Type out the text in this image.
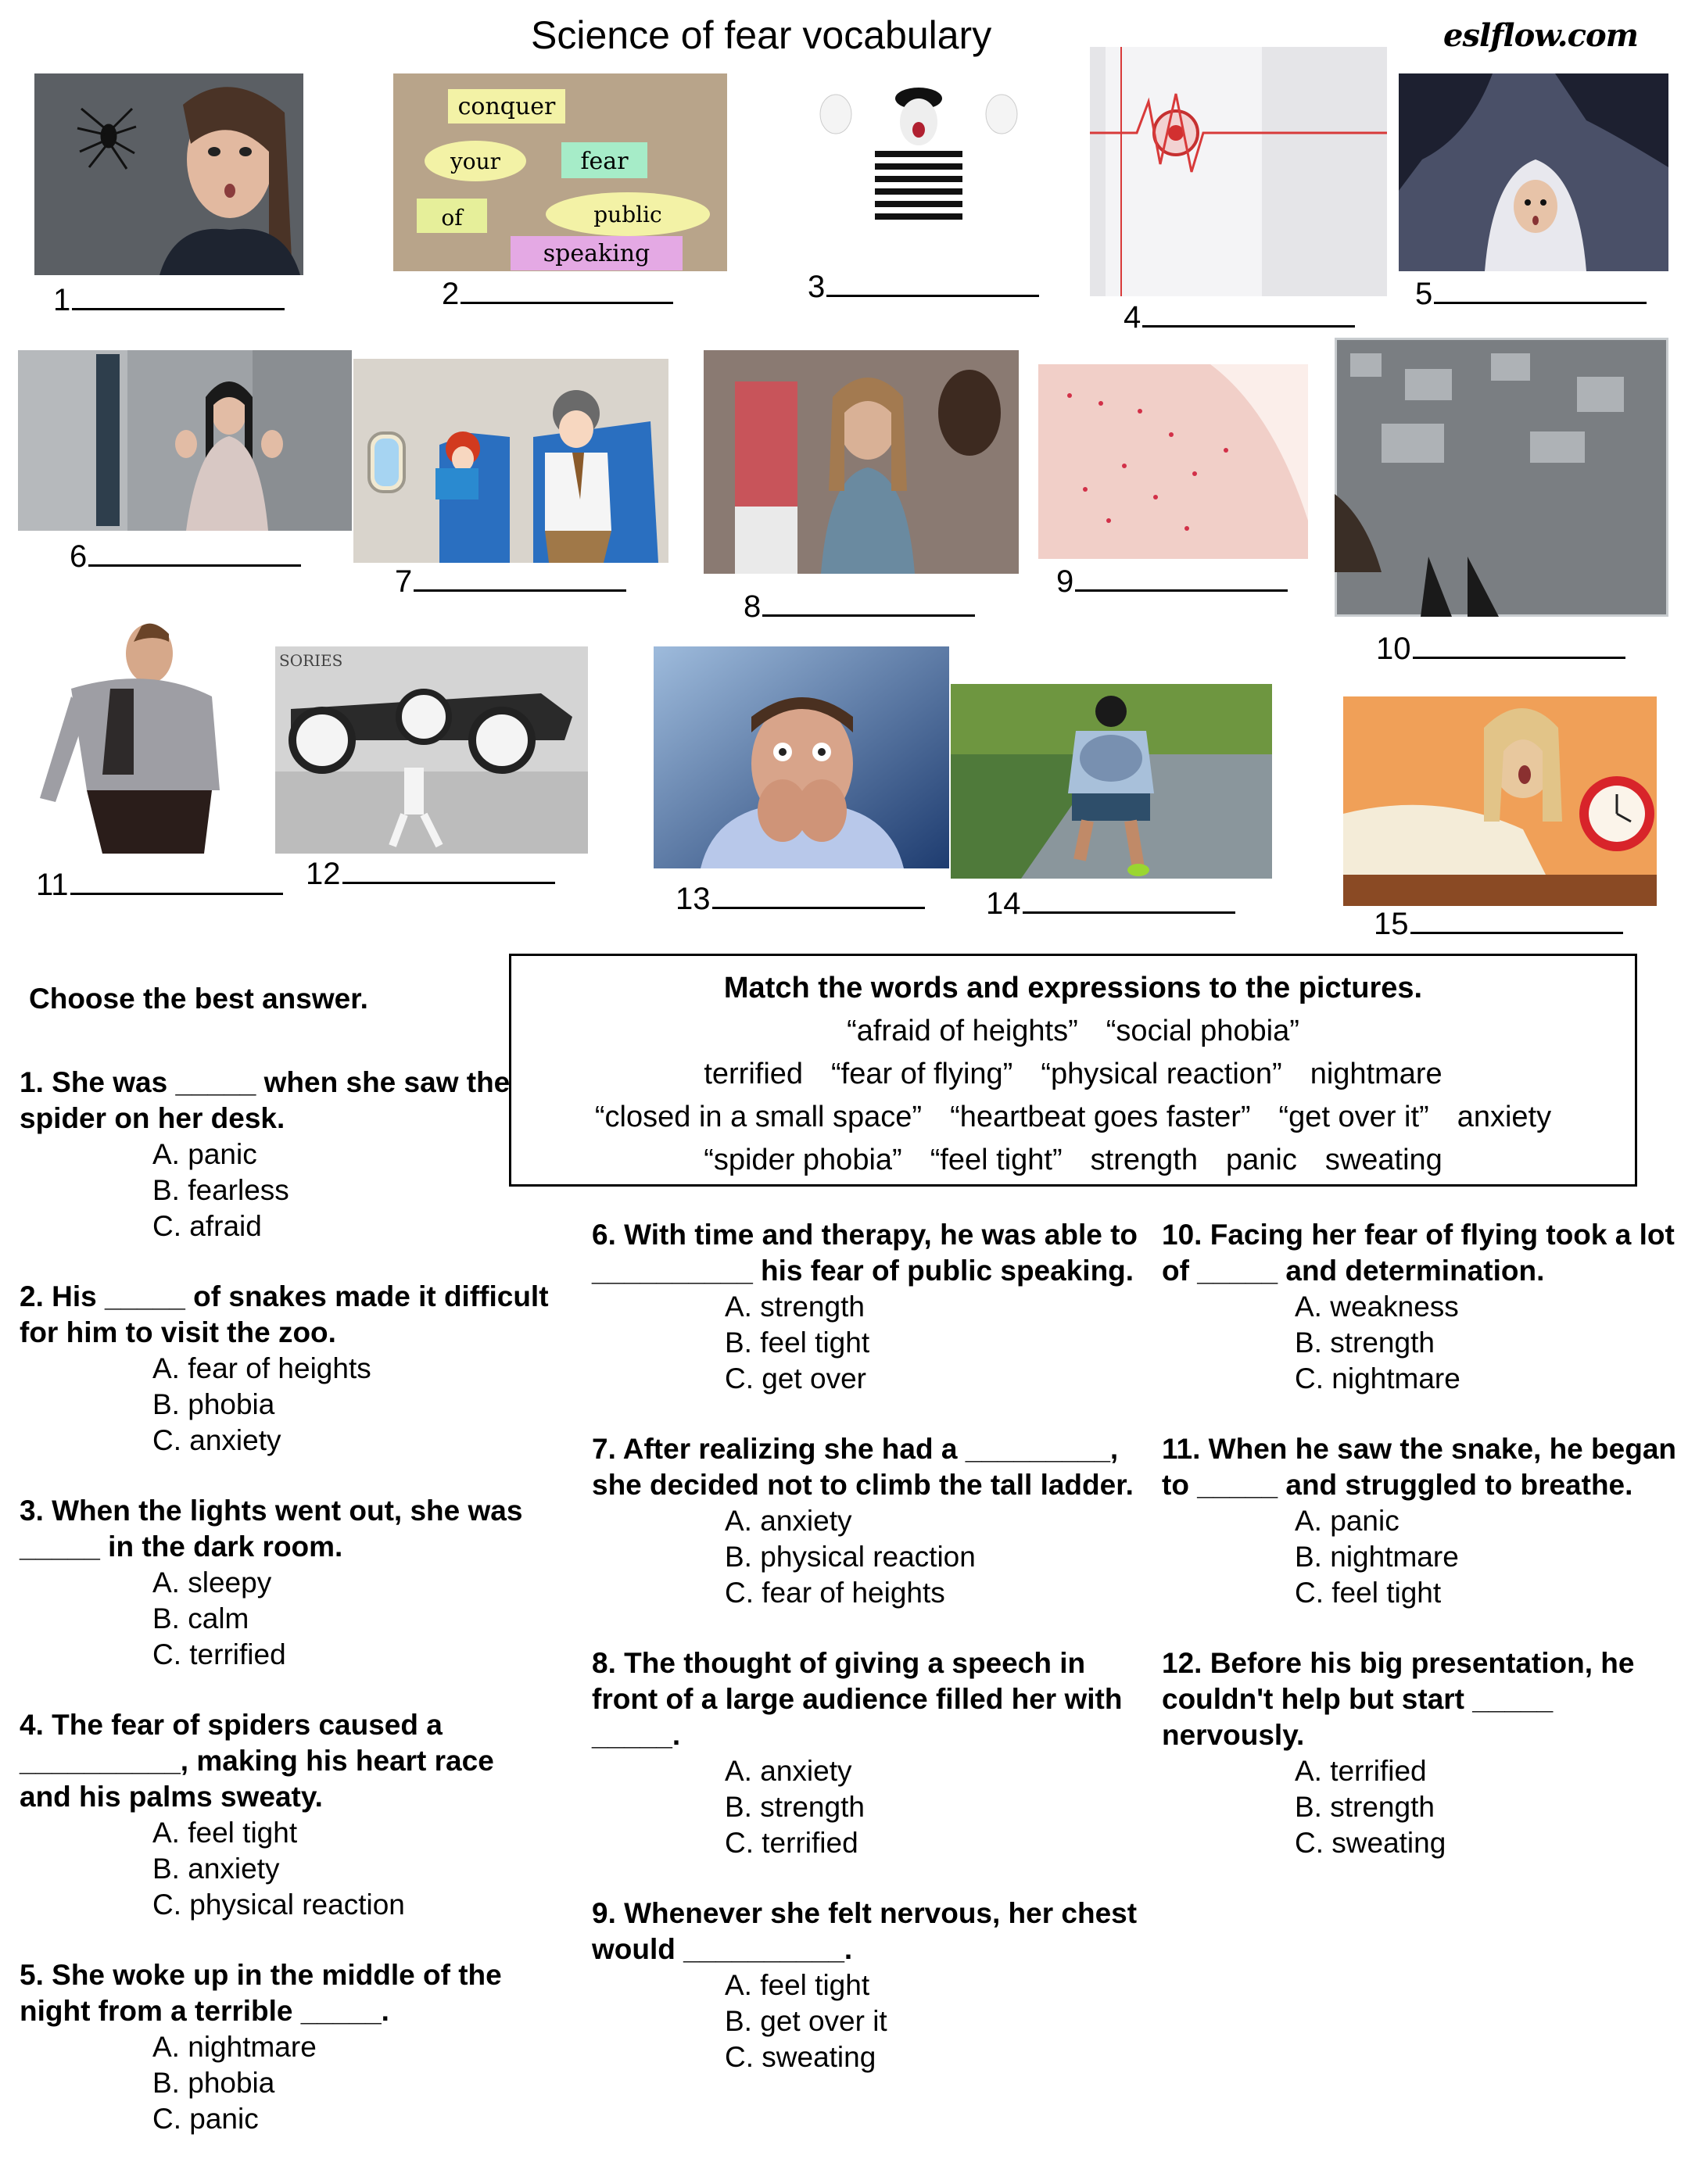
Science of fear vocabulary	eslflow.com
conquer
your	fear
of	public
speaking
1	2	3
4
5
6
7
8
9
10
SORIES
11	12
13	14
15
Match the words and expressions to the pictures.
“afraid of heights” “social phobia”
terrified “fear of flying” “physical reaction” nightmare
“closed in a small space” “heartbeat goes faster” “get over it” anxiety
“spider phobia” “feel tight” strength panic sweating
Choose the best answer.
1. She was _____ when she saw the spider on her desk.
A. panic
B. fearless
C. afraid
2. His _____ of snakes made it difficult for him to visit the zoo.
A. fear of heights
B. phobia
C. anxiety
3. When the lights went out, she was _____ in the dark room.
A. sleepy
B. calm
C. terrified
4. The fear of spiders caused a __________, making his heart race and his palms sweaty.
A. feel tight
B. anxiety
C. physical reaction
5. She woke up in the middle of the night from a terrible _____.
A. nightmare
B. phobia
C. panic
6. With time and therapy, he was able to __________ his fear of public speaking.
A. strength
B. feel tight
C. get over
7. After realizing she had a _________, she decided not to climb the tall ladder.
A. anxiety
B. physical reaction
C. fear of heights
8. The thought of giving a speech in front of a large audience filled her with _____.
A. anxiety
B. strength
C. terrified
9. Whenever she felt nervous, her chest would __________.
A. feel tight
B. get over it
C. sweating
10. Facing her fear of flying took a lot of _____ and determination.
A. weakness
B. strength
C. nightmare
11. When he saw the snake, he began to _____ and struggled to breathe.
A. panic
B. nightmare
C. feel tight
12. Before his big presentation, he couldn't help but start _____ nervously.
A. terrified
B. strength
C. sweating
